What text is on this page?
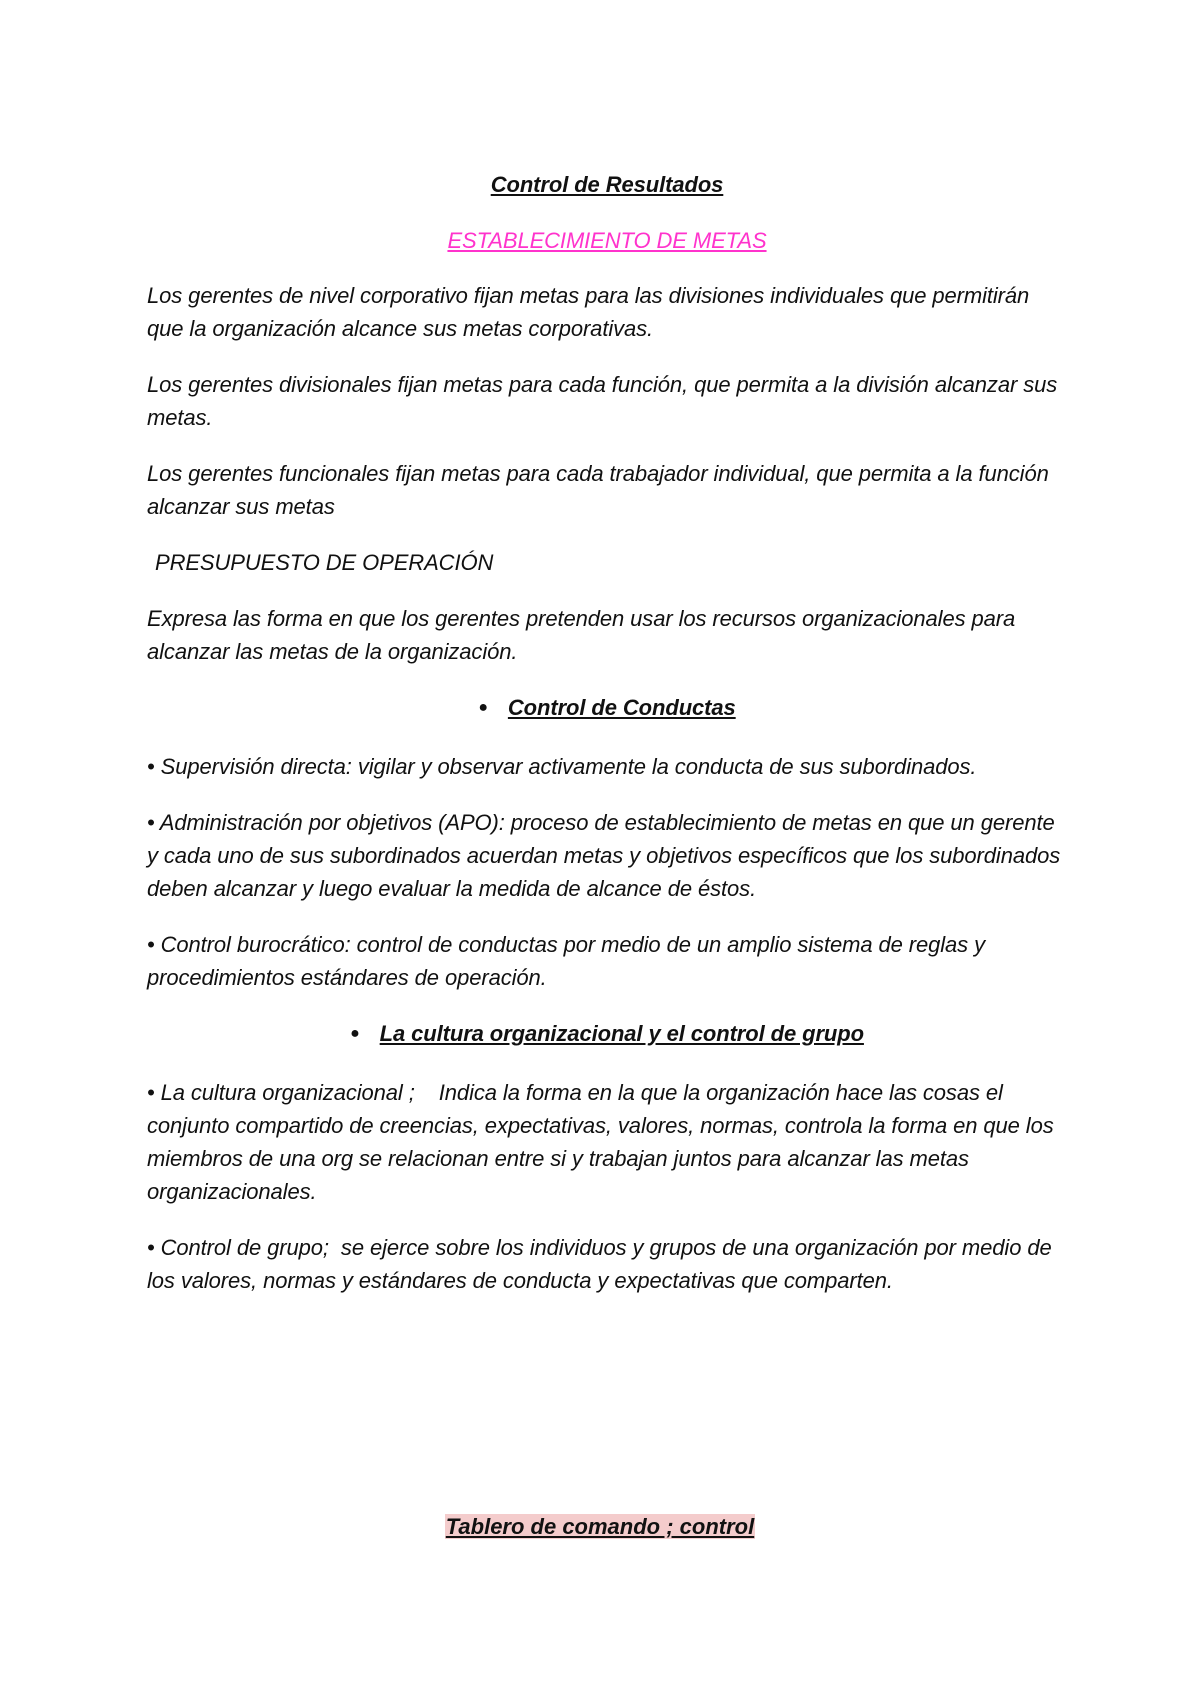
Control de Resultados
ESTABLECIMIENTO DE METAS

Los gerentes de nivel corporativo fijan metas para las divisiones individuales que permitirán que la organización alcance sus metas corporativas.

Los gerentes divisionales fijan metas para cada función, que permita a la división alcanzar sus metas.

Los gerentes funcionales fijan metas para cada trabajador individual, que permita a la función alcanzar sus metas

PRESUPUESTO DE OPERACIÓN

Expresa las forma en que los gerentes pretenden usar los recursos organizacionales para alcanzar las metas de la organización.

● Control de Conductas

• Supervisión directa: vigilar y observar activamente la conducta de sus subordinados.

• Administración por objetivos (APO): proceso de establecimiento de metas en que un gerente y cada uno de sus subordinados acuerdan metas y objetivos específicos que los subordinados deben alcanzar y luego evaluar la medida de alcance de éstos.

• Control burocrático: control de conductas por medio de un amplio sistema de reglas y procedimientos estándares de operación.

● La cultura organizacional y el control de grupo

• La cultura organizacional ;    Indica la forma en la que la organización hace las cosas el conjunto compartido de creencias, expectativas, valores, normas, controla la forma en que los miembros de una org se relacionan entre si y trabajan juntos para alcanzar las metas organizacionales.

• Control de grupo;  se ejerce sobre los individuos y grupos de una organización por medio de los valores, normas y estándares de conducta y expectativas que comparten.

Tablero de comando ; control
